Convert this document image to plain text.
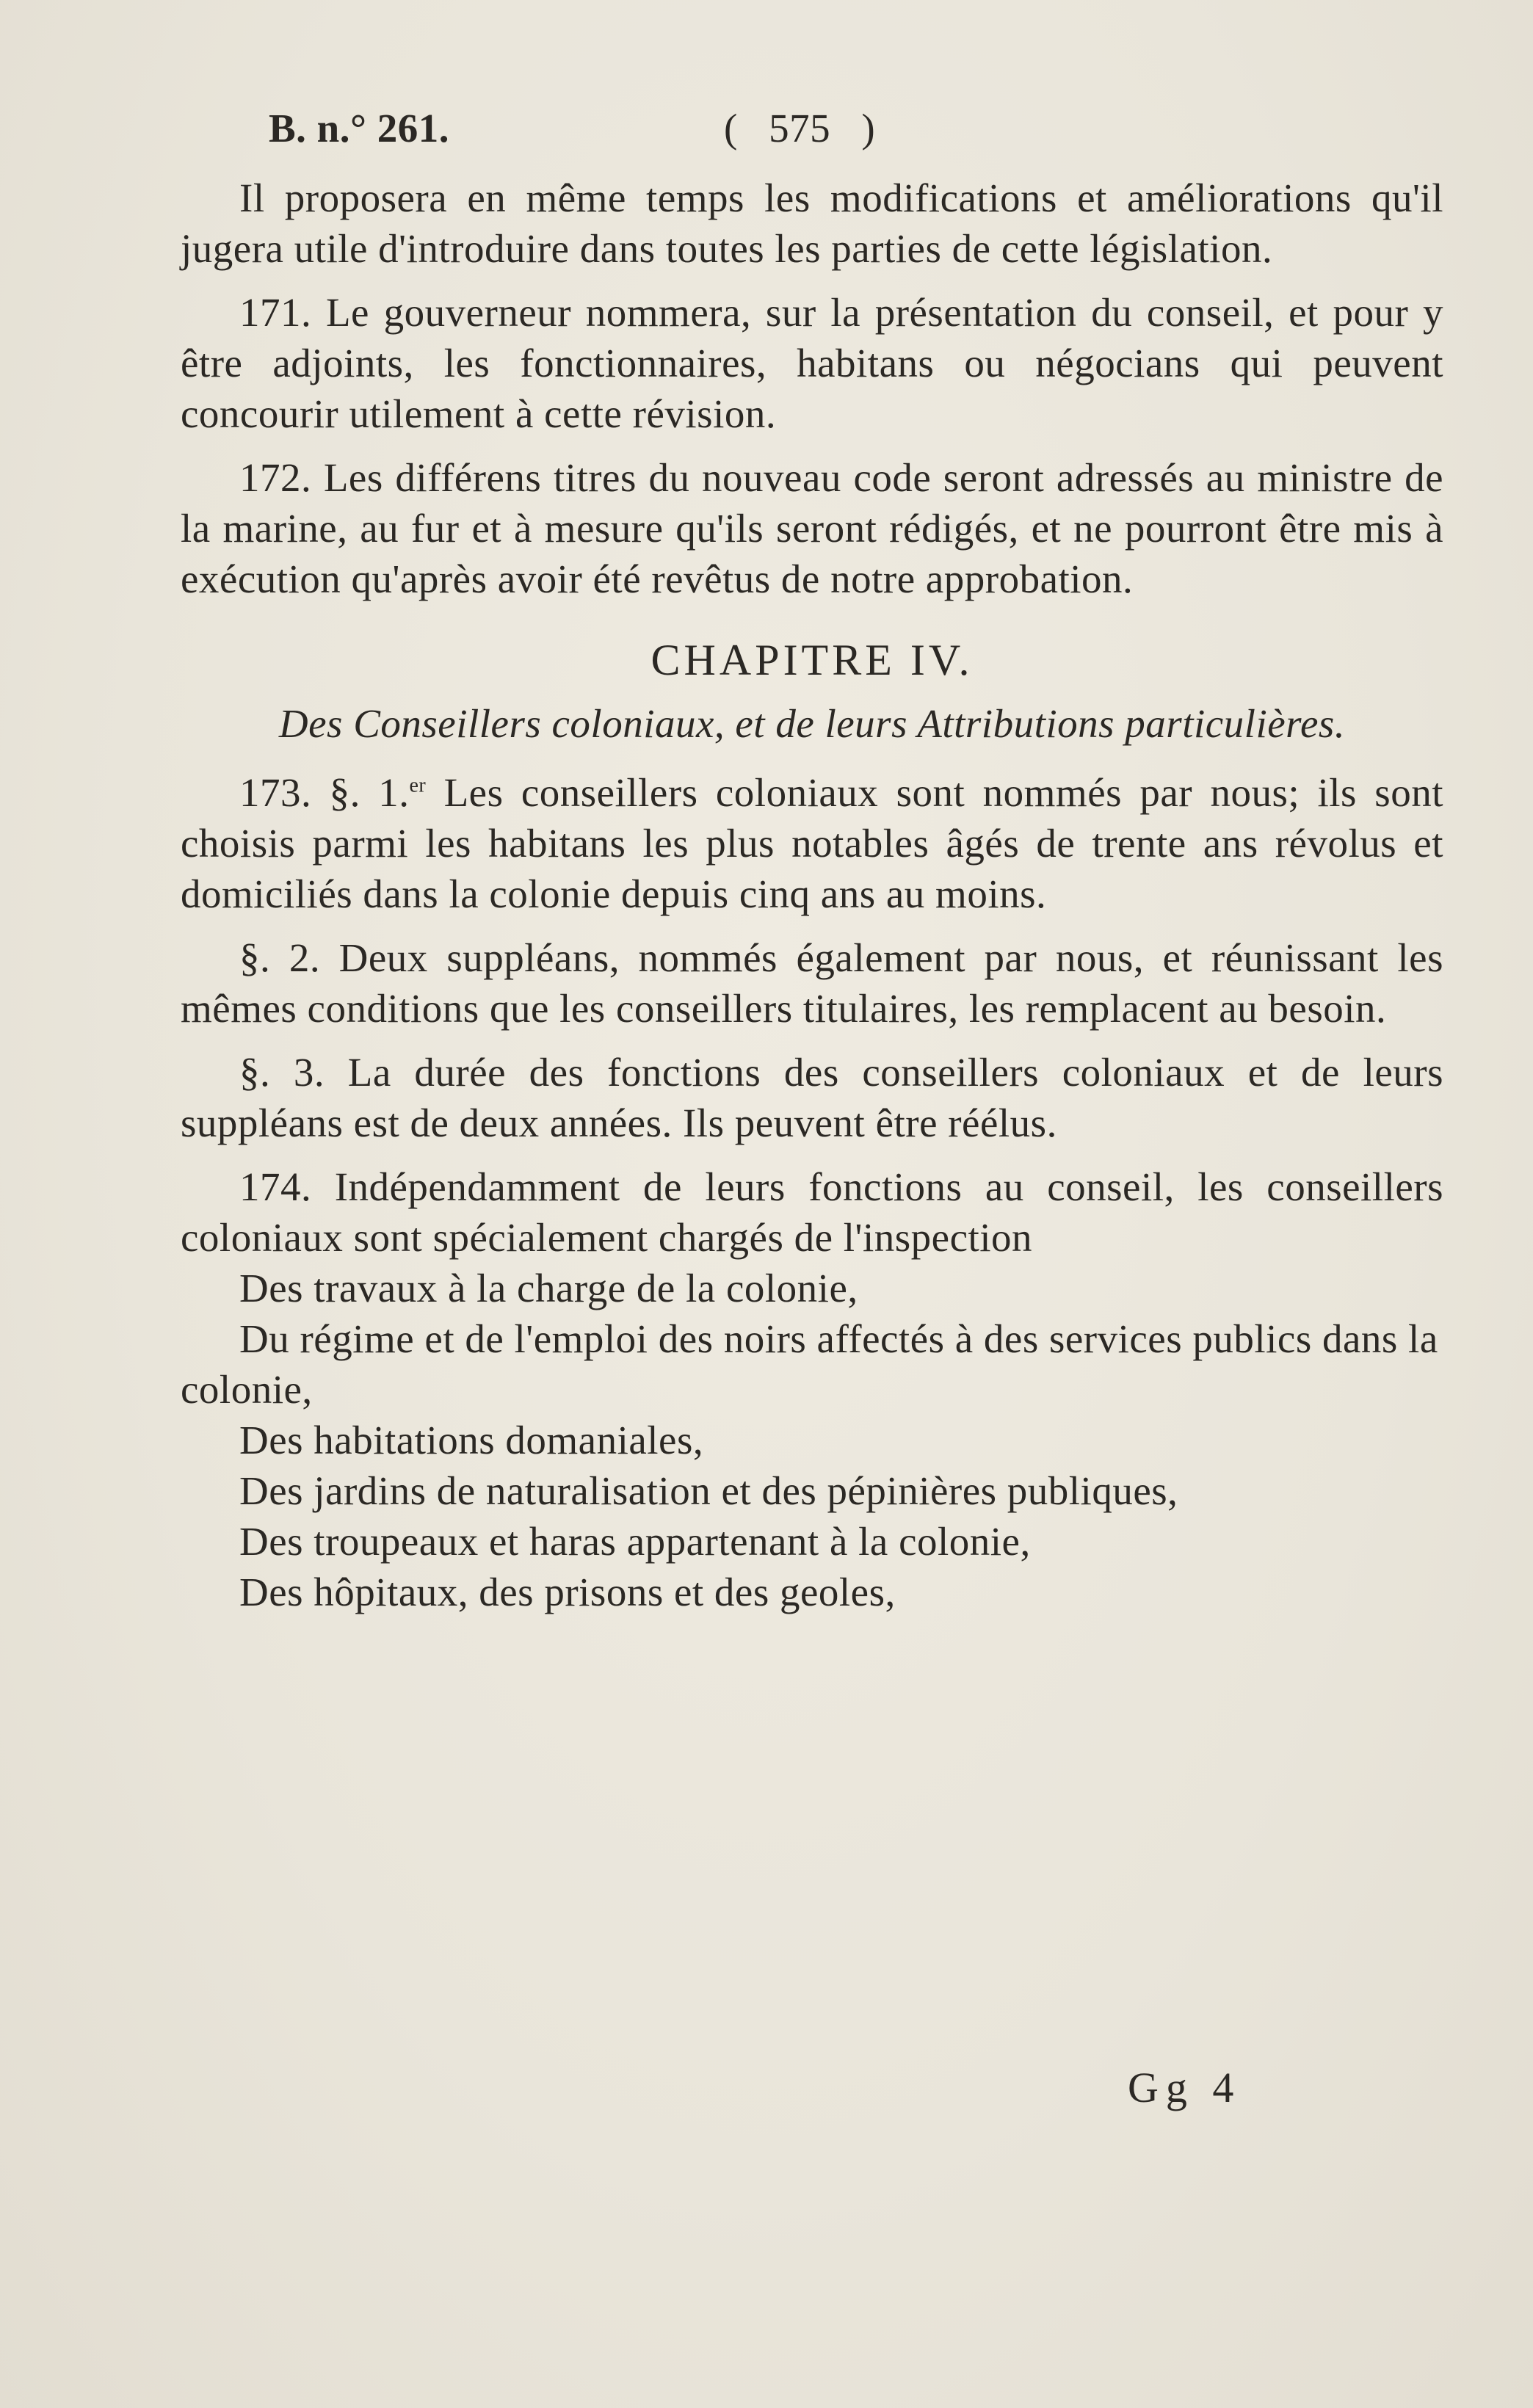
B. n.° 261.	( 575 )

Il proposera en même temps les modifications et améliorations qu'il jugera utile d'introduire dans toutes les parties de cette législation.

171. Le gouverneur nommera, sur la présentation du conseil, et pour y être adjoints, les fonctionnaires, habitans ou négocians qui peuvent concourir utilement à cette révision.

172. Les différens titres du nouveau code seront adressés au ministre de la marine, au fur et à mesure qu'ils seront rédigés, et ne pourront être mis à exécution qu'après avoir été revêtus de notre approbation.

CHAPITRE IV.
Des Conseillers coloniaux, et de leurs Attributions particulières.

173. §. 1.$^{er}$ Les conseillers coloniaux sont nommés par nous; ils sont choisis parmi les habitans les plus notables âgés de trente ans révolus et domiciliés dans la colonie depuis cinq ans au moins.

§. 2. Deux suppléans, nommés également par nous, et réunissant les mêmes conditions que les conseillers titulaires, les remplacent au besoin.

§. 3. La durée des fonctions des conseillers coloniaux et de leurs suppléans est de deux années. Ils peuvent être réélus.

174. Indépendamment de leurs fonctions au conseil, les conseillers coloniaux sont spécialement chargés de l'inspection

Des travaux à la charge de la colonie,

Du régime et de l'emploi des noirs affectés à des services publics dans la colonie,

Des habitations domaniales,

Des jardins de naturalisation et des pépinières publiques,

Des troupeaux et haras appartenant à la colonie,

Des hôpitaux, des prisons et des geoles,

Gg 4
